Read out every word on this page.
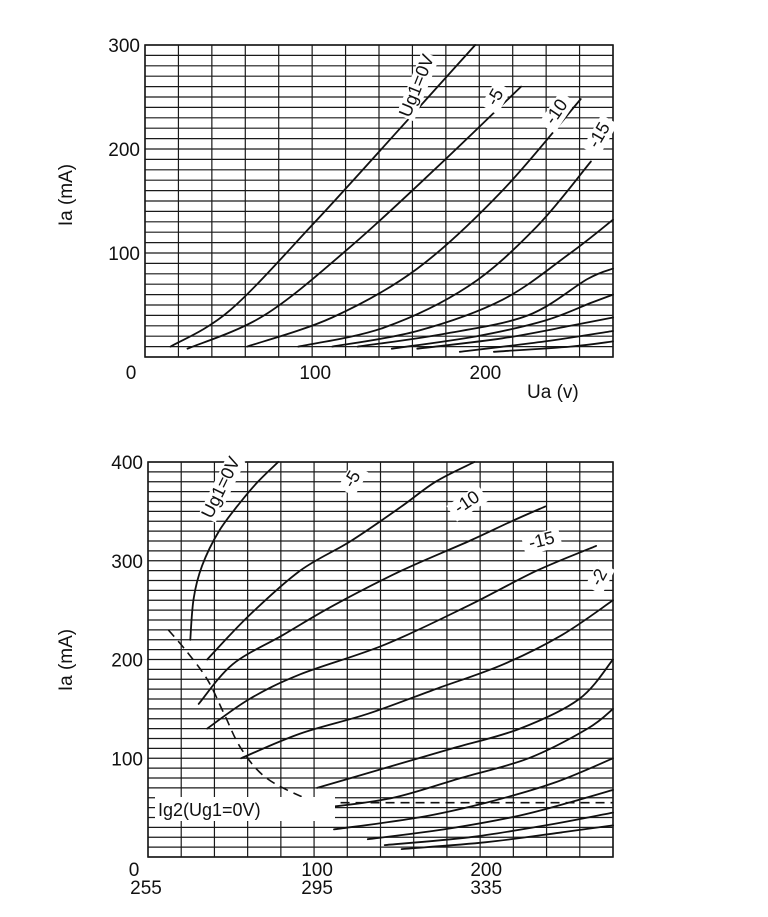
Ug1=0V -5 -10
-15
100
200
300
0	100	200
Ia (mA)
Ua (v)
Ug1=0V	-5
-10
-15
-2
Ig2(Ug1=0V)
100
200
300
400
0	100	200
255	295	335
Ia (mA)
